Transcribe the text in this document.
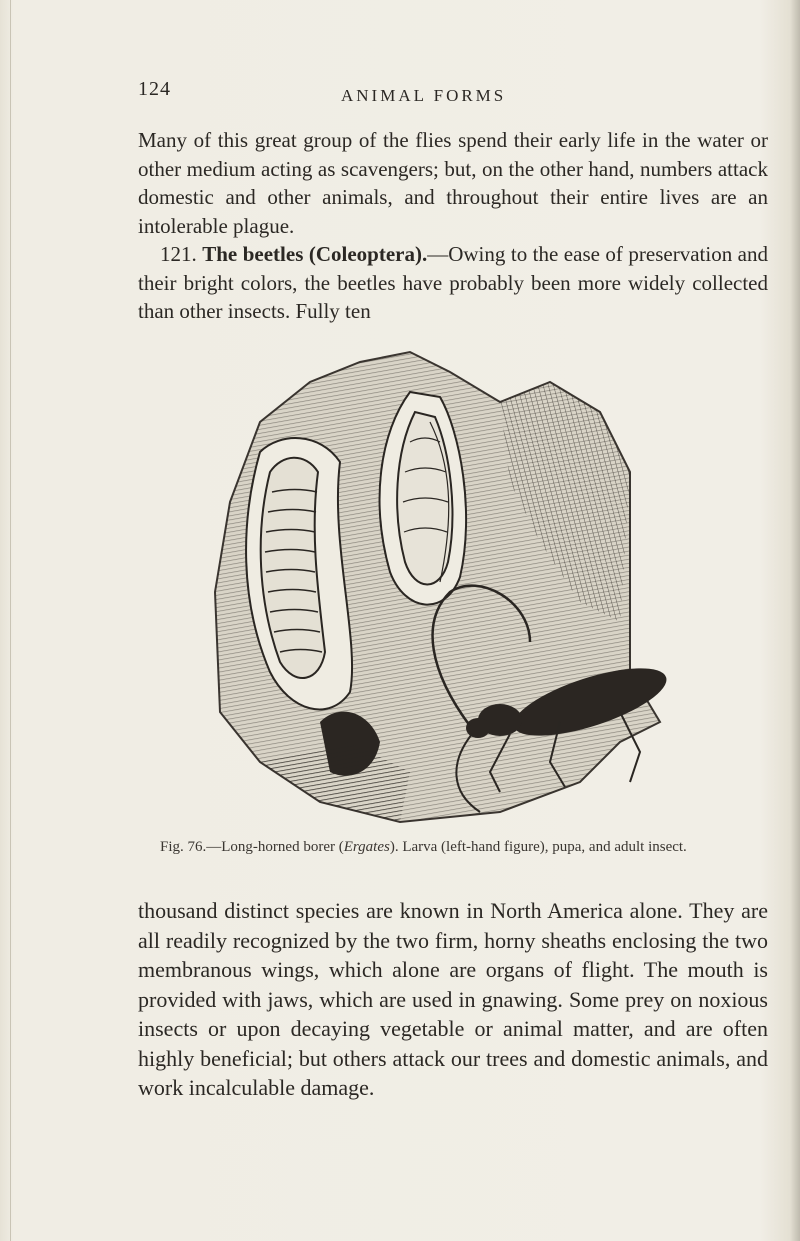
124	ANIMAL FORMS

Many of this great group of the flies spend their early life in the water or other medium acting as scavengers; but, on the other hand, numbers attack domestic and other animals, and throughout their entire lives are an intolerable plague.

121. The beetles (Coleoptera).—Owing to the ease of preservation and their bright colors, the beetles have probably been more widely collected than other insects. Fully ten

Fig. 76.—Long-horned borer (Ergates). Larva (left-hand figure), pupa, and adult insect.

thousand distinct species are known in North America alone. They are all readily recognized by the two firm, horny sheaths enclosing the two membranous wings, which alone are organs of flight. The mouth is provided with jaws, which are used in gnawing. Some prey on noxious insects or upon decaying vegetable or animal matter, and are often highly beneficial; but others attack our trees and domestic animals, and work incalculable damage.
